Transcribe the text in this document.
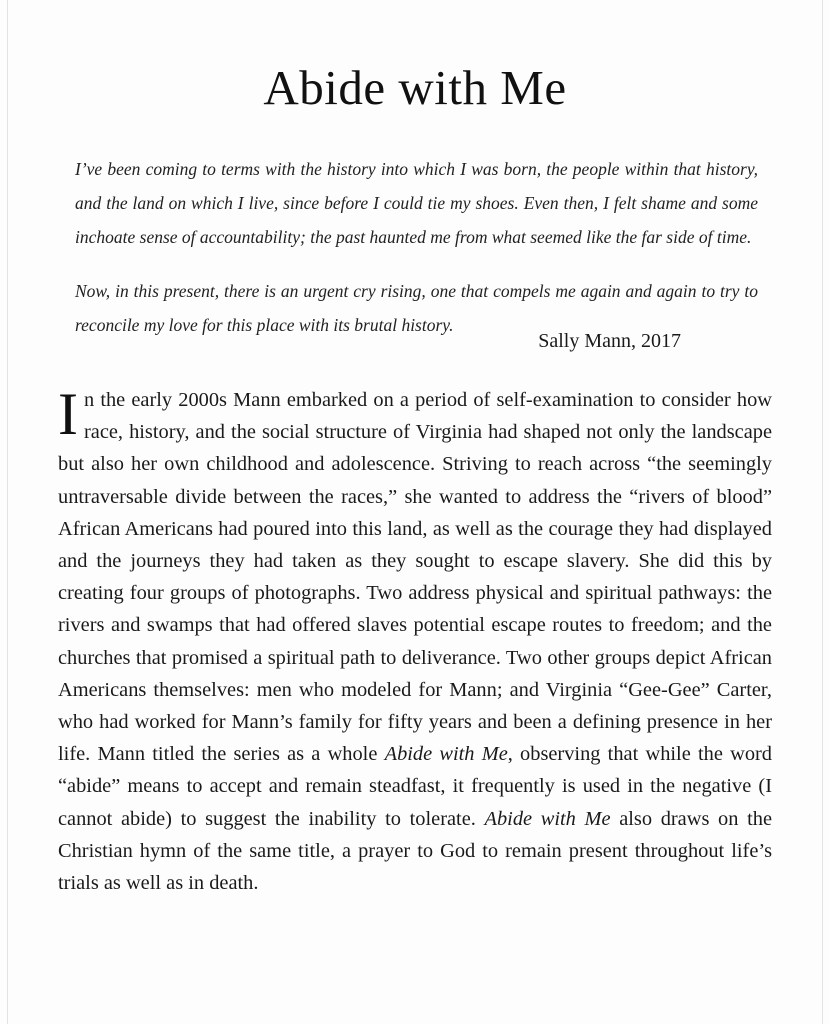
Abide with Me

I’ve been coming to terms with the history into which I was born, the people within that history, and the land on which I live, since before I could tie my shoes. Even then, I felt shame and some inchoate sense of accountability; the past haunted me from what seemed like the far side of time.

Now, in this present, there is an urgent cry rising, one that compels me again and again to try to reconcile my love for this place with its brutal history.

Sally Mann, 2017

In the early 2000s Mann embarked on a period of self-examination to consider how race, history, and the social structure of Virginia had shaped not only the landscape but also her own childhood and adolescence. Striving to reach across “the seemingly untraversable divide between the races,” she wanted to address the “rivers of blood” African Americans had poured into this land, as well as the courage they had displayed and the journeys they had taken as they sought to escape slavery. She did this by creating four groups of photographs. Two address physical and spiritual pathways: the rivers and swamps that had offered slaves potential escape routes to freedom; and the churches that promised a spiritual path to deliverance. Two other groups depict African Americans themselves: men who modeled for Mann; and Virginia “Gee-Gee” Carter, who had worked for Mann’s family for fifty years and been a defining presence in her life. Mann titled the series as a whole Abide with Me, observing that while the word “abide” means to accept and remain steadfast, it frequently is used in the negative (I cannot abide) to suggest the inability to tolerate. Abide with Me also draws on the Christian hymn of the same title, a prayer to God to remain present throughout life’s trials as well as in death.
